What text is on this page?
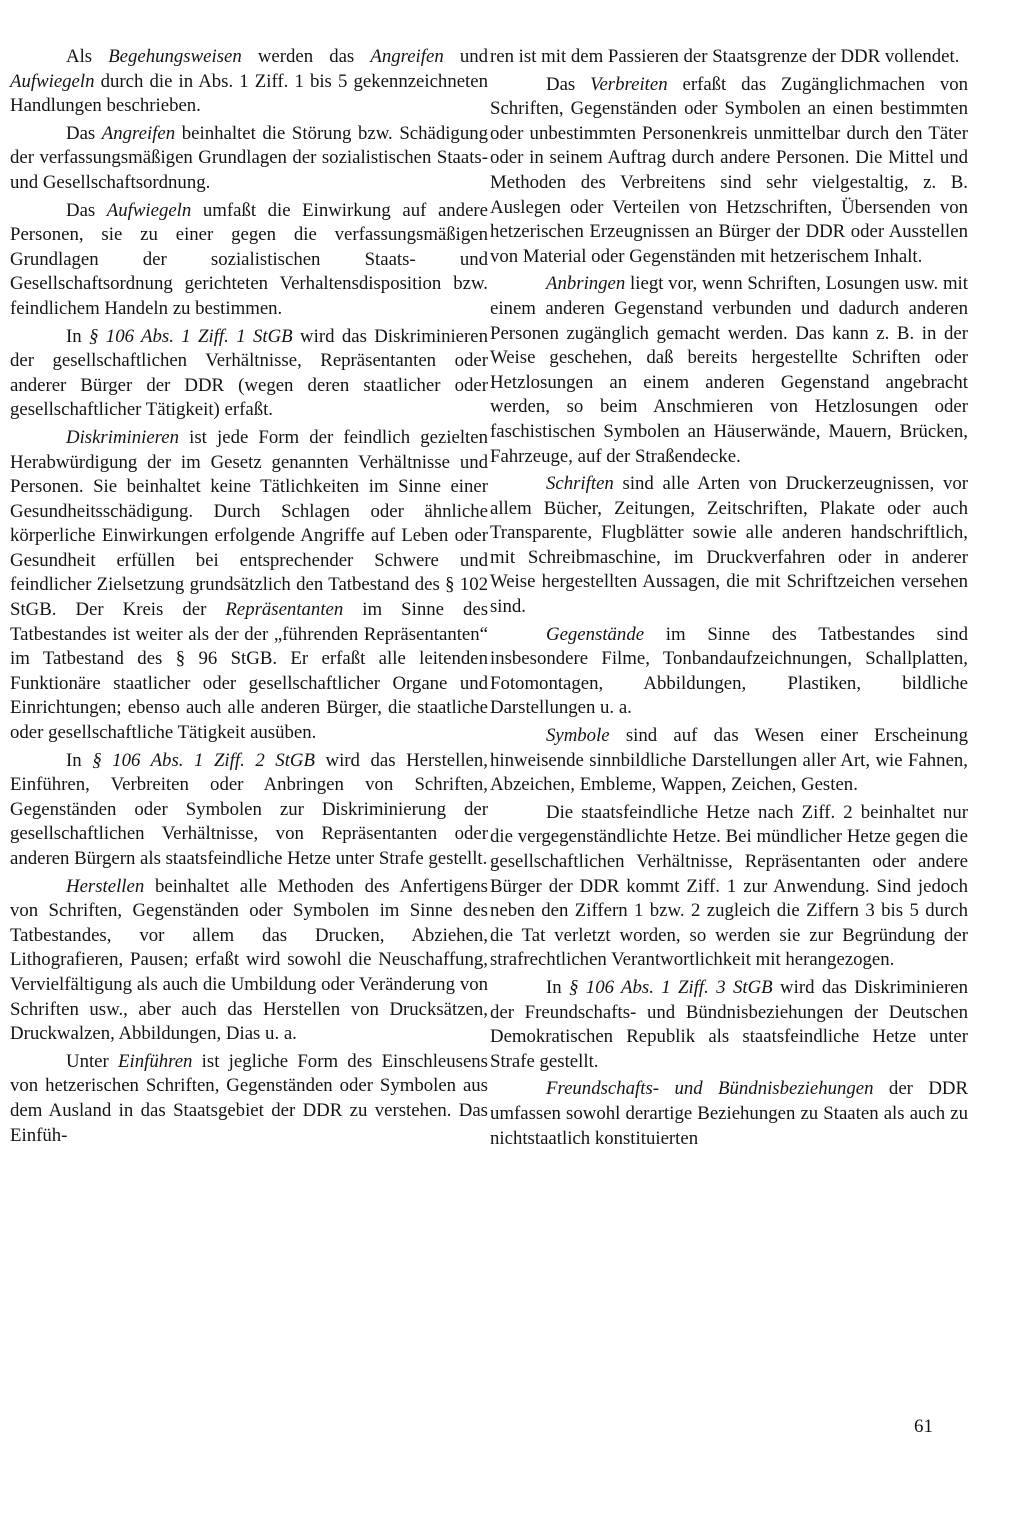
Als Begehungsweisen werden das Angreifen und Aufwiegeln durch die in Abs. 1 Ziff. 1 bis 5 gekennzeichneten Handlungen beschrieben.

Das Angreifen beinhaltet die Störung bzw. Schädigung der verfassungsmäßigen Grundlagen der sozialistischen Staats- und Gesellschaftsordnung.

Das Aufwiegeln umfaßt die Einwirkung auf andere Personen, sie zu einer gegen die verfassungsmäßigen Grundlagen der sozialistischen Staats- und Gesellschaftsordnung gerichteten Verhaltensdisposition bzw. feindlichem Handeln zu bestimmen.

In § 106 Abs. 1 Ziff. 1 StGB wird das Diskriminieren der gesellschaftlichen Verhältnisse, Repräsentanten oder anderer Bürger der DDR (wegen deren staatlicher oder gesellschaftlicher Tätigkeit) erfaßt.

Diskriminieren ist jede Form der feindlich gezielten Herabwürdigung der im Gesetz genannten Verhältnisse und Personen. Sie beinhaltet keine Tätlichkeiten im Sinne einer Gesundheitsschädigung. Durch Schlagen oder ähnliche körperliche Einwirkungen erfolgende Angriffe auf Leben oder Gesundheit erfüllen bei entsprechender Schwere und feindlicher Zielsetzung grundsätzlich den Tatbestand des § 102 StGB. Der Kreis der Repräsentanten im Sinne des Tatbestandes ist weiter als der der „führenden Repräsentanten“ im Tatbestand des § 96 StGB. Er erfaßt alle leitenden Funktionäre staatlicher oder gesellschaftlicher Organe und Einrichtungen; ebenso auch alle anderen Bürger, die staatliche oder gesellschaftliche Tätigkeit ausüben.

In § 106 Abs. 1 Ziff. 2 StGB wird das Herstellen, Einführen, Verbreiten oder Anbringen von Schriften, Gegenständen oder Symbolen zur Diskriminierung der gesellschaftlichen Verhältnisse, von Repräsentanten oder anderen Bürgern als staatsfeindliche Hetze unter Strafe gestellt.

Herstellen beinhaltet alle Methoden des Anfertigens von Schriften, Gegenständen oder Symbolen im Sinne des Tatbestandes, vor allem das Drucken, Abziehen, Lithografieren, Pausen; erfaßt wird sowohl die Neuschaffung, Vervielfältigung als auch die Umbildung oder Veränderung von Schriften usw., aber auch das Herstellen von Drucksätzen, Druckwalzen, Abbildungen, Dias u. a.

Unter Einführen ist jegliche Form des Einschleusens von hetzerischen Schriften, Gegenständen oder Symbolen aus dem Ausland in das Staatsgebiet der DDR zu verstehen. Das Einfüh-

ren ist mit dem Passieren der Staatsgrenze der DDR vollendet.

Das Verbreiten erfaßt das Zugänglichmachen von Schriften, Gegenständen oder Symbolen an einen bestimmten oder unbestimmten Personenkreis unmittelbar durch den Täter oder in seinem Auftrag durch andere Personen. Die Mittel und Methoden des Verbreitens sind sehr vielgestaltig, z. B. Auslegen oder Verteilen von Hetzschriften, Übersenden von hetzerischen Erzeugnissen an Bürger der DDR oder Ausstellen von Material oder Gegenständen mit hetzerischem Inhalt.

Anbringen liegt vor, wenn Schriften, Losungen usw. mit einem anderen Gegenstand verbunden und dadurch anderen Personen zugänglich gemacht werden. Das kann z. B. in der Weise geschehen, daß bereits hergestellte Schriften oder Hetzlosungen an einem anderen Gegenstand angebracht werden, so beim Anschmieren von Hetzlosungen oder faschistischen Symbolen an Häuserwände, Mauern, Brücken, Fahrzeuge, auf der Straßendecke.

Schriften sind alle Arten von Druckerzeugnissen, vor allem Bücher, Zeitungen, Zeitschriften, Plakate oder auch Transparente, Flugblätter sowie alle anderen handschriftlich, mit Schreibmaschine, im Druckverfahren oder in anderer Weise hergestellten Aussagen, die mit Schriftzeichen versehen sind.

Gegenstände im Sinne des Tatbestandes sind insbesondere Filme, Tonbandaufzeichnungen, Schallplatten, Fotomontagen, Abbildungen, Plastiken, bildliche Darstellungen u. a.

Symbole sind auf das Wesen einer Erscheinung hinweisende sinnbildliche Darstellungen aller Art, wie Fahnen, Abzeichen, Embleme, Wappen, Zeichen, Gesten.

Die staatsfeindliche Hetze nach Ziff. 2 beinhaltet nur die vergegenständlichte Hetze. Bei mündlicher Hetze gegen die gesellschaftlichen Verhältnisse, Repräsentanten oder andere Bürger der DDR kommt Ziff. 1 zur Anwendung. Sind jedoch neben den Ziffern 1 bzw. 2 zugleich die Ziffern 3 bis 5 durch die Tat verletzt worden, so werden sie zur Begründung der strafrechtlichen Verantwortlichkeit mit herangezogen.

In § 106 Abs. 1 Ziff. 3 StGB wird das Diskriminieren der Freundschafts- und Bündnisbeziehungen der Deutschen Demokratischen Republik als staatsfeindliche Hetze unter Strafe gestellt.

Freundschafts- und Bündnisbeziehungen der DDR umfassen sowohl derartige Beziehungen zu Staaten als auch zu nichtstaatlich konstituierten

61
